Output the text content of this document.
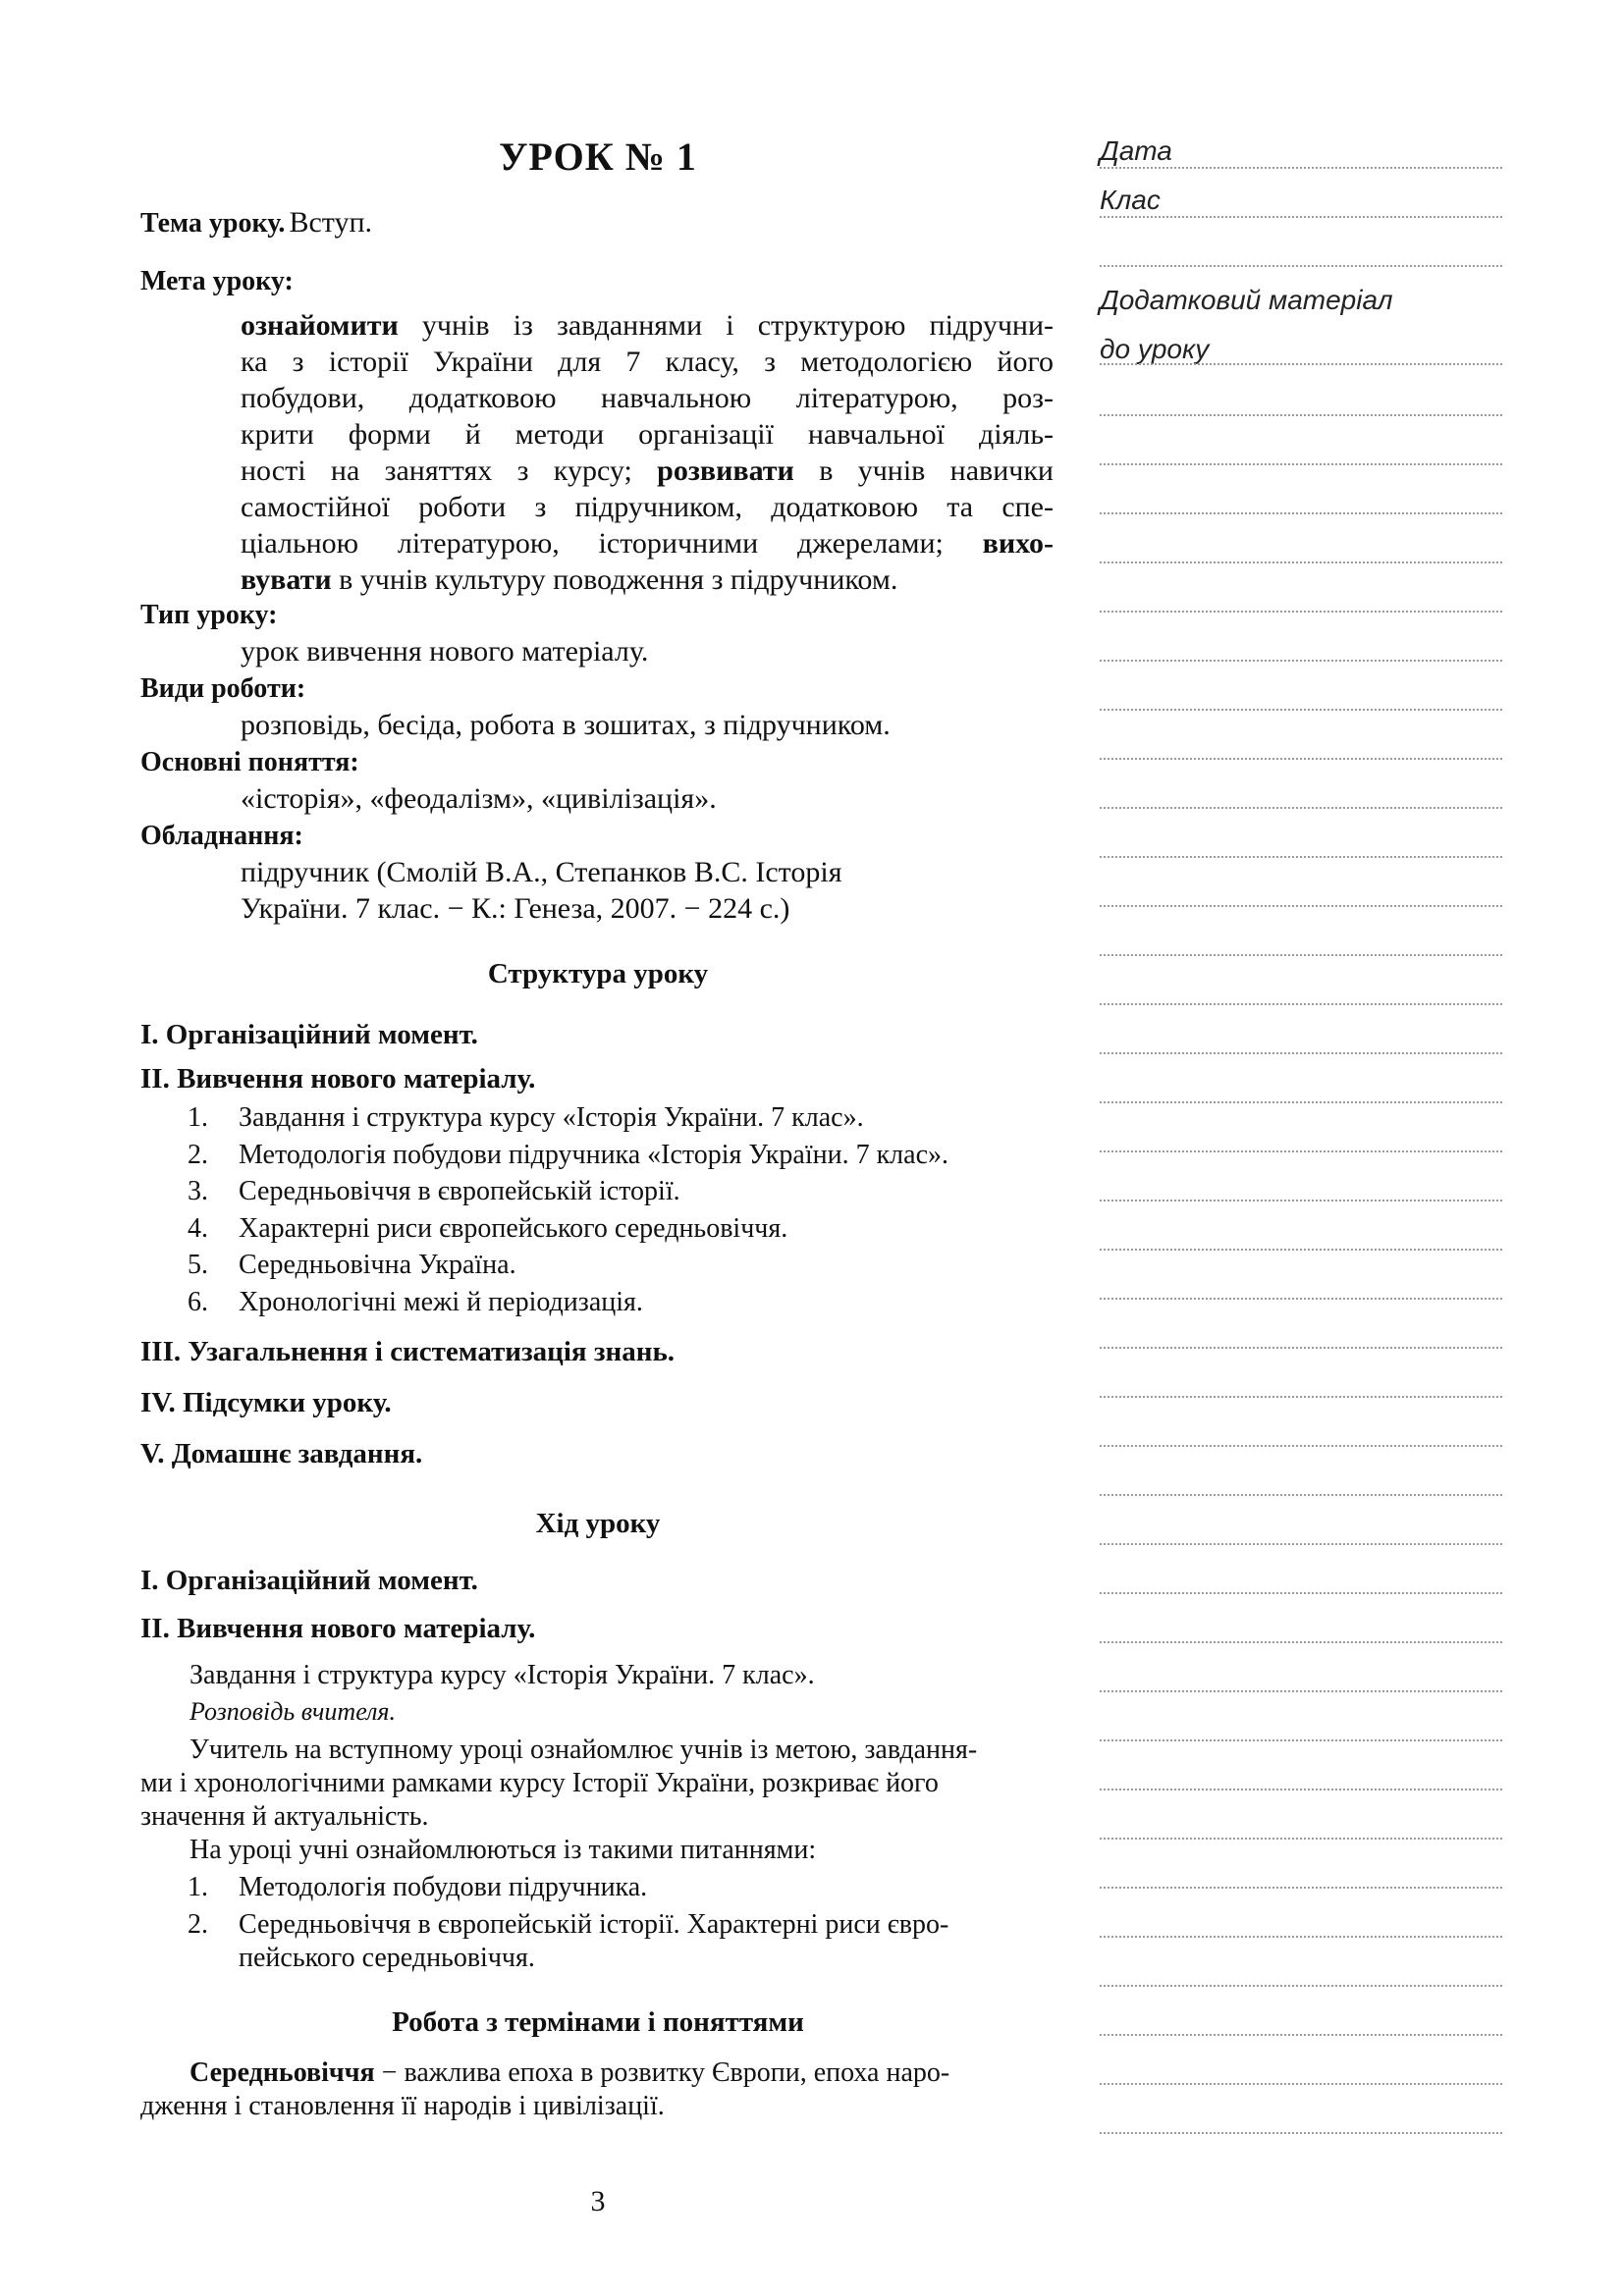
УРОК № 1
Тема уроку. Вступ.
Мета уроку:
ознайомити учнів із завданнями і структурою підручни-
ка з історії України для 7 класу, з методологією його
побудови, додатковою навчальною літературою, роз-
крити форми й методи організації навчальної діяль-
ності на заняттях з курсу; розвивати в учнів навички
самостійної роботи з підручником, додатковою та спе-
ціальною літературою, історичними джерелами; вихо-
вувати в учнів культуру поводження з підручником.
Тип уроку:
урок вивчення нового матеріалу.
Види роботи:
розповідь, бесіда, робота в зошитах, з підручником.
Основні поняття:
«історія», «феодалізм», «цивілізація».
Обладнання:
підручник (Смолій В.А., Степанков В.С. Історія
України. 7 клас. − К.: Генеза, 2007. − 224 с.)
Структура уроку
I. Організаційний момент.
II. Вивчення нового матеріалу.
1. Завдання і структура курсу «Історія України. 7 клас».
2. Методологія побудови підручника «Історія України. 7 клас».
3. Середньовіччя в європейській історії.
4. Характерні риси європейського середньовіччя.
5. Середньовічна Україна.
6. Хронологічні межі й періодизація.
III. Узагальнення і систематизація знань.
IV. Підсумки уроку.
V. Домашнє завдання.
Хід уроку
I. Організаційний момент.
II. Вивчення нового матеріалу.
Завдання і структура курсу «Історія України. 7 клас».
Розповідь вчителя.
Учитель на вступному уроці ознайомлює учнів із метою, завдання-
ми і хронологічними рамками курсу Історії України, розкриває його
значення й актуальність.
На уроці учні ознайомлюються із такими питаннями:
1. Методологія побудови підручника.
2. Середньовіччя в європейській історії. Характерні риси євро-
пейського середньовіччя.
Робота з термінами і поняттями
Середньовіччя − важлива епоха в розвитку Європи, епоха наро-
дження і становлення її народів і цивілізації.
3
Дата
Клас
Додатковий матеріал
до уроку
